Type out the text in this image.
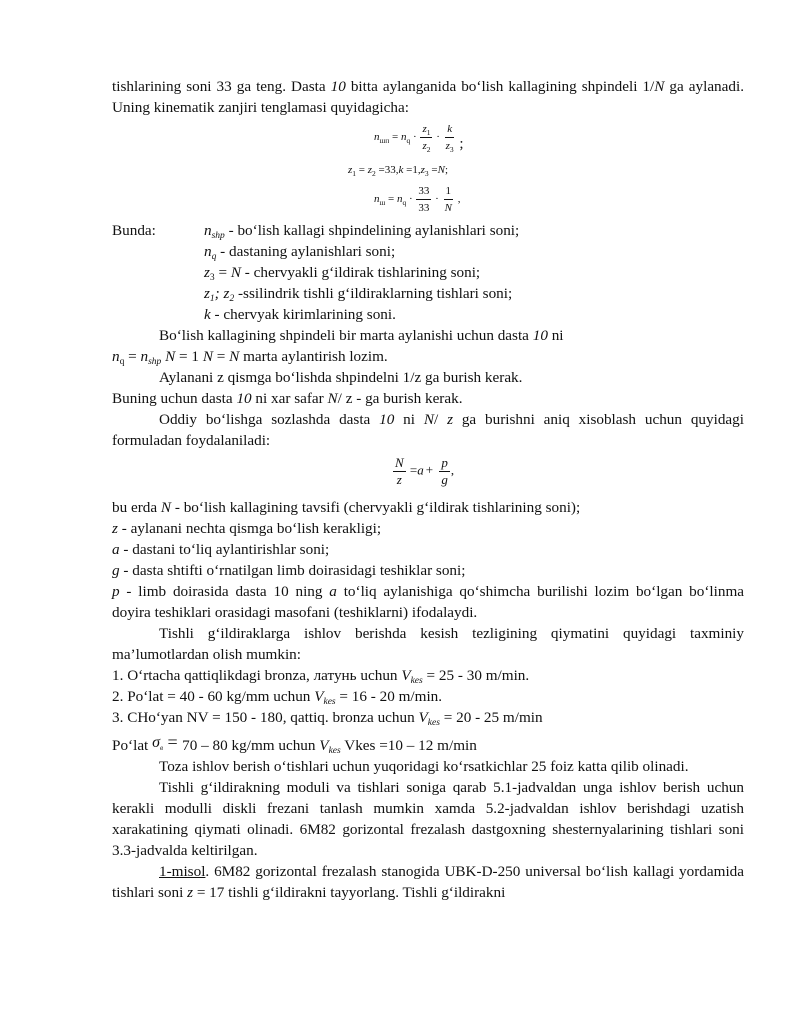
tishlarining soni 33 ga teng. Dasta 10 bitta aylanganida bo‘lish kallagining shpindeli 1/N ga aylanadi. Uning kinematik zanjiri tenglamasi quyidagicha:

$n_{шп} = n_q \cdot \frac{z_1}{z_2} \cdot \frac{k}{z_3}$ ;
$z_1 = z_2 =33,k =1,z_3 =N$;
$n_ш = n_q \cdot \frac{33}{33} \cdot \frac{1}{N}$ ,
Bunda:	$n_{shp}$ - bo‘lish kallagi shpindelining aylanishlari soni;

$n_q$ - dastaning aylanishlari soni;

$z_3 = N$ - chervyakli g‘ildirak tishlarining soni;

$z_1$; $z_2$ -ssilindrik tishli g‘ildiraklarning tishlari soni;

k - chervyak kirimlarining soni.

Bo‘lish kallagining shpindeli bir marta aylanishi uchun dasta 10 ni

$n_q = n_{shp}$ N = 1 N = N marta aylantirish lozim.

Aylanani z qismga bo‘lishda shpindelni 1/z ga burish kerak.

Buning uchun dasta 10 ni xar safar N/ z - ga burish kerak.

Oddiy bo‘lishga sozlashda dasta 10 ni N/ z ga burishni aniq xisoblash uchun quyidagi formuladan foydalaniladi:

$\frac{N}{z} =a + \frac{p}{g}$ ,

bu erda N - bo‘lish kallagining tavsifi (chervyakli g‘ildirak tishlarining soni);

z - aylanani nechta qismga bo‘lish kerakligi;

a - dastani to‘liq aylantirishlar soni;

g - dasta shtifti o‘rnatilgan limb doirasidagi teshiklar soni;

p - limb doirasida dasta 10 ning a to‘liq aylanishiga qo‘shimcha burilishi lozim bo‘lgan bo‘linma doyira teshiklari orasidagi masofani (teshiklarni) ifodalaydi.

Tishli g‘ildiraklarga ishlov berishda kesish tezligining qiymatini quyidagi taxminiy ma’lumotlardan olish mumkin:

1. O‘rtacha qattiqlikdagi bronza, латунь uchun $V_{kes} = 25 - 30$ m/min.

2. Po‘lat = 40 - 60 kg/mm uchun $V_{kes} = 16 - 20$ m/min.

3. CHo‘yan NV = 150 - 180, qattiq. bronza uchun $V_{kes} = 20 - 25$ m/min

Po‘lat $\sigma_в = 70 - 80$ kg/mm uchun $V_{kes}$ Vkes =10 – 12 m/min

Toza ishlov berish o‘tishlari uchun yuqoridagi ko‘rsatkichlar 25 foiz katta qilib olinadi.

Tishli g‘ildirakning moduli va tishlari soniga qarab 5.1-jadvaldan unga ishlov berish uchun kerakli modulli diskli frezani tanlash mumkin xamda 5.2-jadvaldan ishlov berishdagi uzatish xarakatining qiymati olinadi. 6M82 gorizontal frezalash dastgoxning shesternyalarining tishlari soni 3.3-jadvalda keltirilgan.

1-misol. 6M82 gorizontal frezalash stanogida UBK-D-250 universal bo‘lish kallagi yordamida tishlari soni z = 17 tishli g‘ildirakni tayyorlang. Tishli g‘ildirakni
